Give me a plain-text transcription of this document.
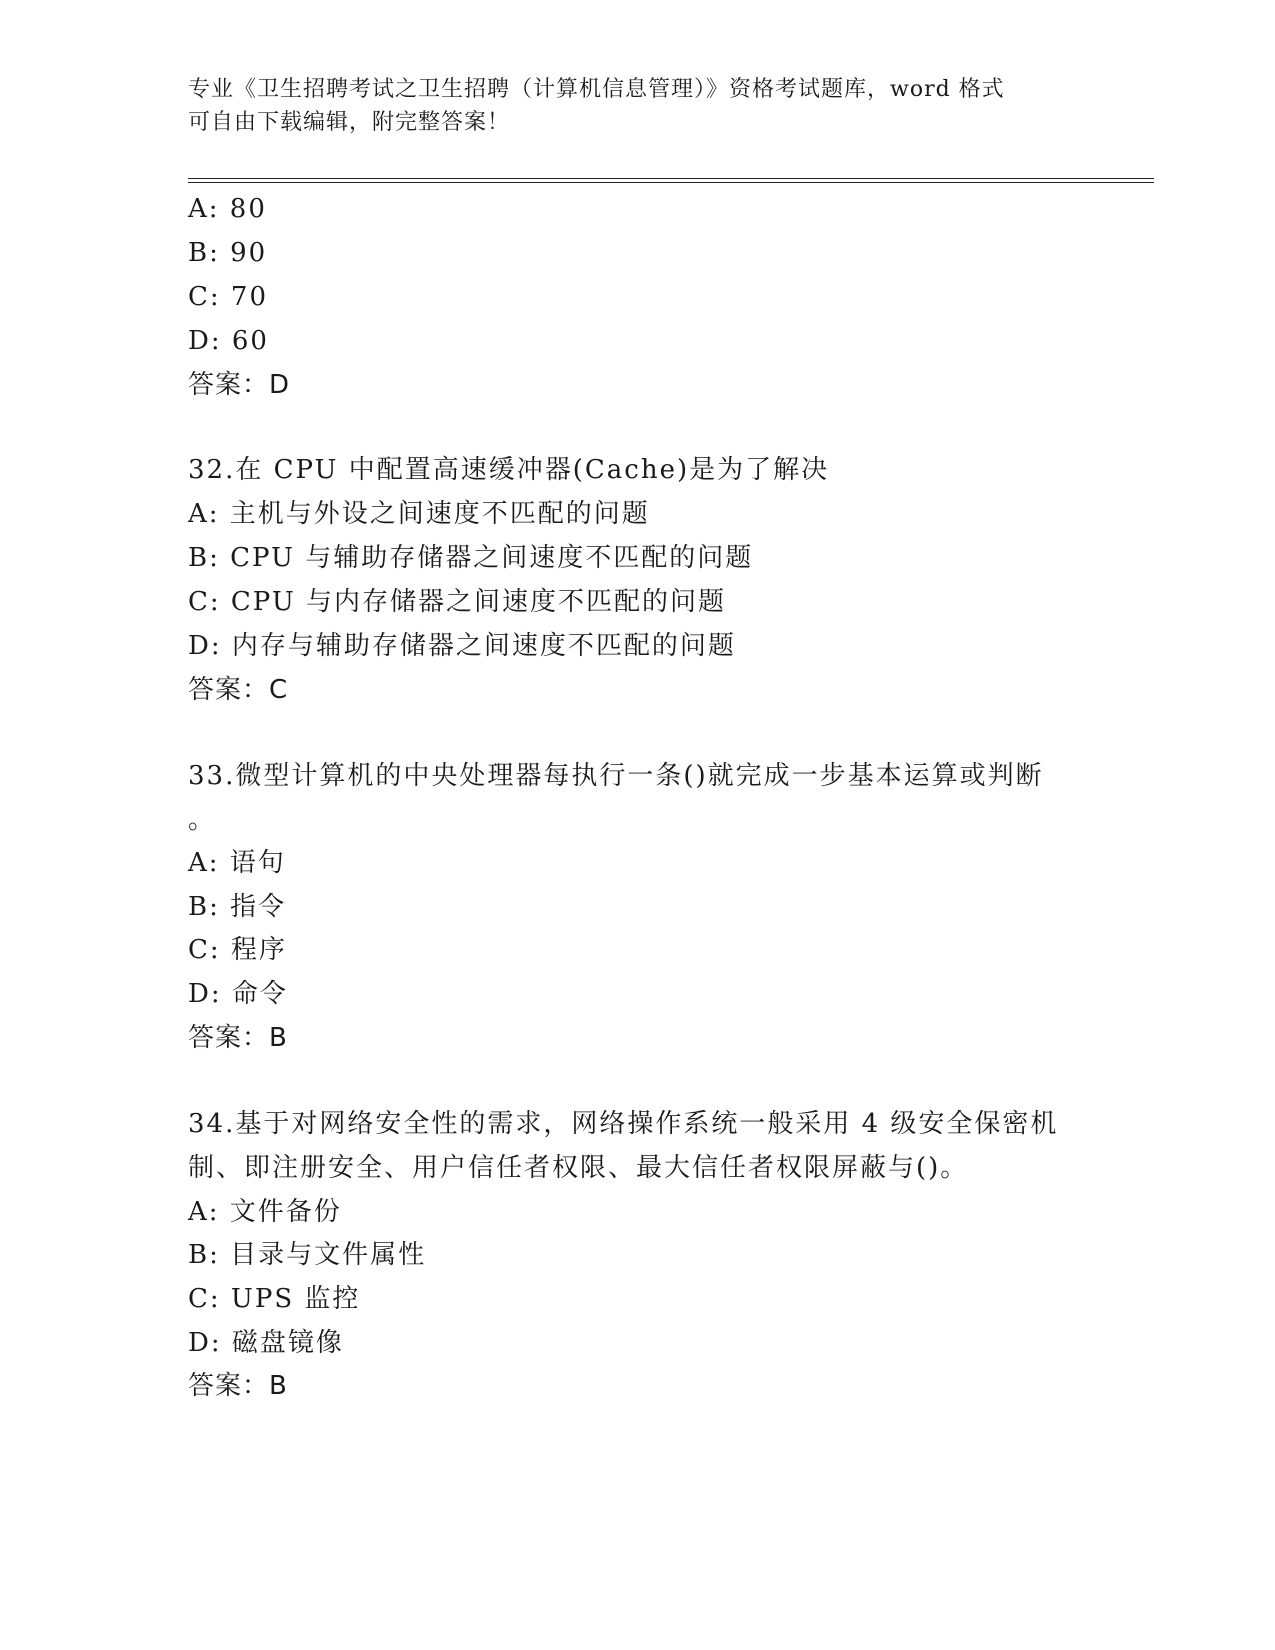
专业《卫生招聘考试之卫生招聘（计算机信息管理）》资格考试题库，word 格式
可自由下载编辑，附完整答案！
A: 80
B: 90
C: 70
D: 60
答案：D
32.在 CPU 中配置高速缓冲器(Cache)是为了解决
A: 主机与外设之间速度不匹配的问题
B: CPU 与辅助存储器之间速度不匹配的问题
C: CPU 与内存储器之间速度不匹配的问题
D: 内存与辅助存储器之间速度不匹配的问题
答案：C
33.微型计算机的中央处理器每执行一条()就完成一步基本运算或判断
。
A: 语句
B: 指令
C: 程序
D: 命令
答案：B
34.基于对网络安全性的需求，网络操作系统一般采用 4 级安全保密机
制、即注册安全、用户信任者权限、最大信任者权限屏蔽与()。
A: 文件备份
B: 目录与文件属性
C: UPS 监控
D: 磁盘镜像
答案：B
